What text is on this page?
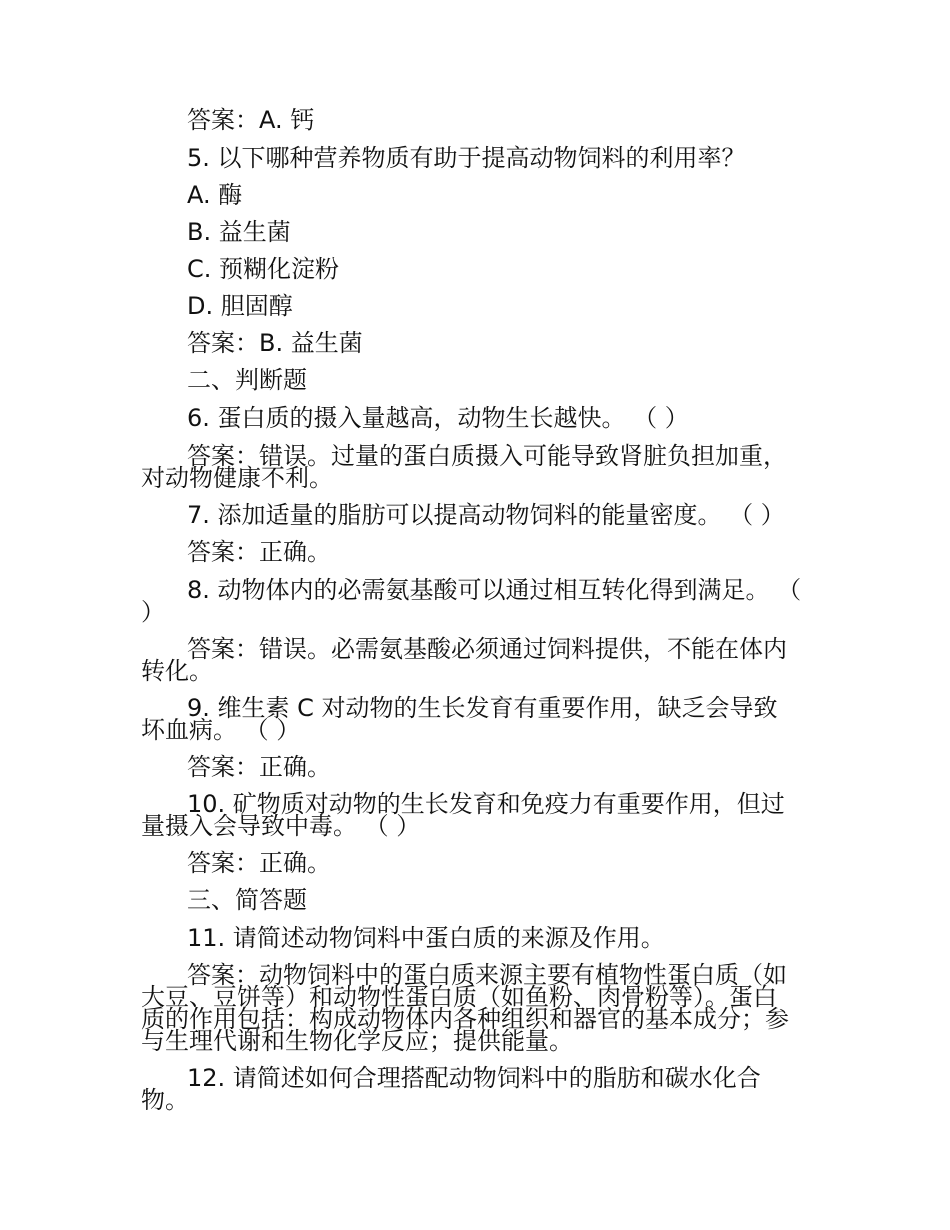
答案：A. 钙
5. 以下哪种营养物质有助于提高动物饲料的利用率？
A. 酶
B. 益生菌
C. 预糊化淀粉
D. 胆固醇
答案：B. 益生菌
二、判断题
6. 蛋白质的摄入量越高，动物生长越快。 （ ）
答案：错误。过量的蛋白质摄入可能导致肾脏负担加重，
对动物健康不利。
7. 添加适量的脂肪可以提高动物饲料的能量密度。 （ ）
答案：正确。
8. 动物体内的必需氨基酸可以通过相互转化得到满足。 （
）
答案：错误。必需氨基酸必须通过饲料提供，不能在体内
转化。
9. 维生素 C 对动物的生长发育有重要作用，缺乏会导致
坏血病。 （ ）
答案：正确。
10. 矿物质对动物的生长发育和免疫力有重要作用，但过
量摄入会导致中毒。 （ ）
答案：正确。
三、简答题
11. 请简述动物饲料中蛋白质的来源及作用。
答案：动物饲料中的蛋白质来源主要有植物性蛋白质（如
大豆、豆饼等）和动物性蛋白质（如鱼粉、肉骨粉等）。蛋白
质的作用包括：构成动物体内各种组织和器官的基本成分；参
与生理代谢和生物化学反应；提供能量。
12. 请简述如何合理搭配动物饲料中的脂肪和碳水化合
物。
